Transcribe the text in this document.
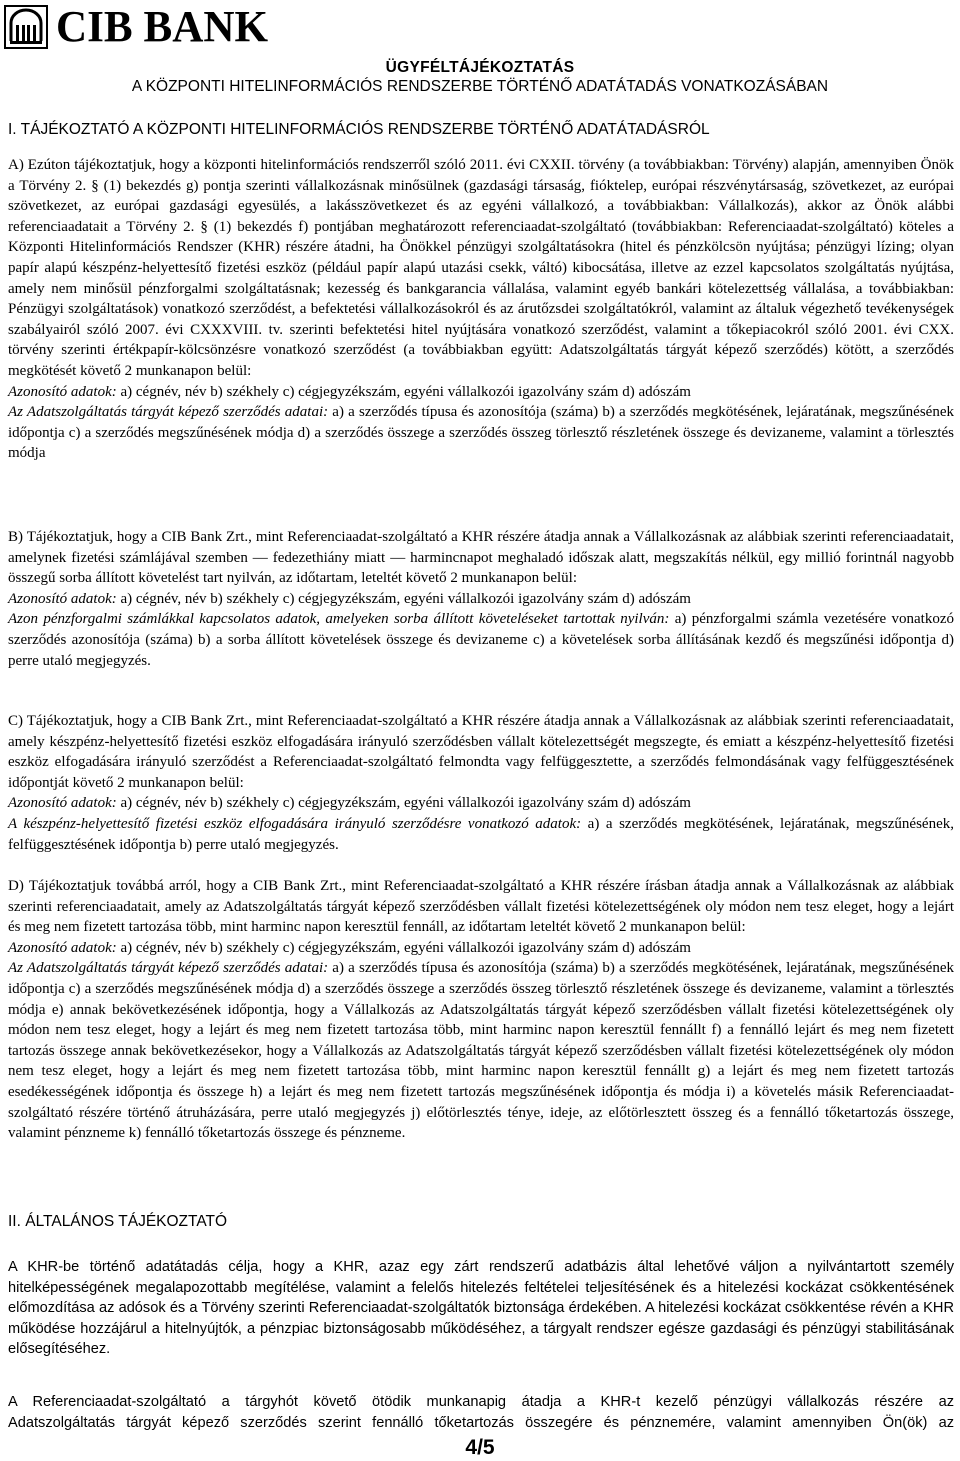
CIB BANK
ÜGYFÉLTÁJÉKOZTATÁS
A KÖZPONTI HITELINFORMÁCIÓS RENDSZERBE TÖRTÉNŐ ADATÁTADÁS VONATKOZÁSÁBAN
I. TÁJÉKOZTATÓ A KÖZPONTI HITELINFORMÁCIÓS RENDSZERBE TÖRTÉNŐ ADATÁTADÁSRÓL

A) Ezúton tájékoztatjuk, hogy a központi hitelinformációs rendszerről szóló 2011. évi CXXII. törvény (a továbbiakban: Törvény) alapján, amennyiben Önök a Törvény 2. § (1) bekezdés g) pontja szerinti vállalkozásnak minősülnek (gazdasági társaság, fióktelep, európai részvénytársaság, szövetkezet, az európai szövetkezet, az európai gazdasági egyesülés, a lakásszövetkezet és az egyéni vállalkozó, a továbbiakban: Vállalkozás), akkor az Önök alábbi referenciaadatait a Törvény 2. § (1) bekezdés f) pontjában meghatározott referenciaadat-szolgáltató (továbbiakban: Referenciaadat-szolgáltató) köteles a Központi Hitelinformációs Rendszer (KHR) részére átadni, ha Önökkel pénzügyi szolgáltatásokra (hitel és pénzkölcsön nyújtása; pénzügyi lízing; olyan papír alapú készpénz-helyettesítő fizetési eszköz (például papír alapú utazási csekk, váltó) kibocsátása, illetve az ezzel kapcsolatos szolgáltatás nyújtása, amely nem minősül pénzforgalmi szolgáltatásnak; kezesség és bankgarancia vállalása, valamint egyéb bankári kötelezettség vállalása, a továbbiakban: Pénzügyi szolgáltatások) vonatkozó szerződést, a befektetési vállalkozásokról és az árutőzsdei szolgáltatókról, valamint az általuk végezhető tevékenységek szabályairól szóló 2007. évi CXXXVIII. tv. szerinti befektetési hitel nyújtására vonatkozó szerződést, valamint a tőkepiacokról szóló 2001. évi CXX. törvény szerinti értékpapír-kölcsönzésre vonatkozó szerződést (a továbbiakban együtt: Adatszolgáltatás tárgyát képező szerződés) kötött, a szerződés megkötését követő 2 munkanapon belül:

Azonosító adatok: a) cégnév, név b) székhely c) cégjegyzékszám, egyéni vállalkozói igazolvány szám d) adószám

Az Adatszolgáltatás tárgyát képező szerződés adatai: a) a szerződés típusa és azonosítója (száma) b) a szerződés megkötésének, lejáratának, megszűnésének időpontja c) a szerződés megszűnésének módja d) a szerződés összege a szerződés összeg törlesztő részletének összege és devizaneme, valamint a törlesztés módja

B) Tájékoztatjuk, hogy a CIB Bank Zrt., mint Referenciaadat-szolgáltató a KHR részére átadja annak a Vállalkozásnak az alábbiak szerinti referenciaadatait, amelynek fizetési számlájával szemben — fedezethiány miatt — harmincnapot meghaladó időszak alatt, megszakítás nélkül, egy millió forintnál nagyobb összegű sorba állított követelést tart nyilván, az időtartam, leteltét követő 2 munkanapon belül:

Azonosító adatok: a) cégnév, név b) székhely c) cégjegyzékszám, egyéni vállalkozói igazolvány szám d) adószám

Azon pénzforgalmi számlákkal kapcsolatos adatok, amelyeken sorba állított követeléseket tartottak nyilván: a) pénzforgalmi számla vezetésére vonatkozó szerződés azonosítója (száma) b) a sorba állított követelések összege és devizaneme c) a követelések sorba állításának kezdő és megszűnési időpontja d) perre utaló megjegyzés.

C) Tájékoztatjuk, hogy a CIB Bank Zrt., mint Referenciaadat-szolgáltató a KHR részére átadja annak a Vállalkozásnak az alábbiak szerinti referenciaadatait, amely készpénz-helyettesítő fizetési eszköz elfogadására irányuló szerződésben vállalt kötelezettségét megszegte, és emiatt a készpénz-helyettesítő fizetési eszköz elfogadására irányuló szerződést a Referenciaadat-szolgáltató felmondta vagy felfüggesztette, a szerződés felmondásának vagy felfüggesztésének időpontját követő 2 munkanapon belül:

Azonosító adatok: a) cégnév, név b) székhely c) cégjegyzékszám, egyéni vállalkozói igazolvány szám d) adószám

A készpénz-helyettesítő fizetési eszköz elfogadására irányuló szerződésre vonatkozó adatok: a) a szerződés megkötésének, lejáratának, megszűnésének, felfüggesztésének időpontja b) perre utaló megjegyzés.

D) Tájékoztatjuk továbbá arról, hogy a CIB Bank Zrt., mint Referenciaadat-szolgáltató a KHR részére írásban átadja annak a Vállalkozásnak az alábbiak szerinti referenciaadatait, amely az Adatszolgáltatás tárgyát képező szerződésben vállalt fizetési kötelezettségének oly módon nem tesz eleget, hogy a lejárt és meg nem fizetett tartozása több, mint harminc napon keresztül fennáll, az időtartam leteltét követő 2 munkanapon belül:

Azonosító adatok: a) cégnév, név b) székhely c) cégjegyzékszám, egyéni vállalkozói igazolvány szám d) adószám

Az Adatszolgáltatás tárgyát képező szerződés adatai: a) a szerződés típusa és azonosítója (száma) b) a szerződés megkötésének, lejáratának, megszűnésének időpontja c) a szerződés megszűnésének módja d) a szerződés összege a szerződés összeg törlesztő részletének összege és devizaneme, valamint a törlesztés módja e) annak bekövetkezésének időpontja, hogy a Vállalkozás az Adatszolgáltatás tárgyát képező szerződésben vállalt fizetési kötelezettségének oly módon nem tesz eleget, hogy a lejárt és meg nem fizetett tartozása több, mint harminc napon keresztül fennállt f) a fennálló lejárt és meg nem fizetett tartozás összege annak bekövetkezésekor, hogy a Vállalkozás az Adatszolgáltatás tárgyát képező szerződésben vállalt fizetési kötelezettségének oly módon nem tesz eleget, hogy a lejárt és meg nem fizetett tartozása több, mint harminc napon keresztül fennállt g) a lejárt és meg nem fizetett tartozás esedékességének időpontja és összege h) a lejárt és meg nem fizetett tartozás megszűnésének időpontja és módja i) a követelés másik Referenciaadat-szolgáltató részére történő átruházására, perre utaló megjegyzés j) előtörlesztés ténye, ideje, az előtörlesztett összeg és a fennálló tőketartozás összege, valamint pénzneme k) fennálló tőketartozás összege és pénzneme.

II. ÁLTALÁNOS TÁJÉKOZTATÓ

A KHR-be történő adatátadás célja, hogy a KHR, azaz egy zárt rendszerű adatbázis által lehetővé váljon a nyilvántartott személy hitelképességének megalapozottabb megítélése, valamint a felelős hitelezés feltételei teljesítésének és a hitelezési kockázat csökkentésének előmozdítása az adósok és a Törvény szerinti Referenciaadat-szolgáltatók biztonsága érdekében. A hitelezési kockázat csökkentése révén a KHR működése hozzájárul a hitelnyújtók, a pénzpiac biztonságosabb működéséhez, a tárgyalt rendszer egésze gazdasági és pénzügyi stabilitásának elősegítéséhez.

A Referenciaadat-szolgáltató a tárgyhót követő ötödik munkanapig átadja a KHR-t kezelő pénzügyi vállalkozás részére az

Adatszolgáltatás tárgyát képező szerződés szerint fennálló tőketartozás összegére és pénznemére, valamint amennyiben Ön(ök) az

4/5
